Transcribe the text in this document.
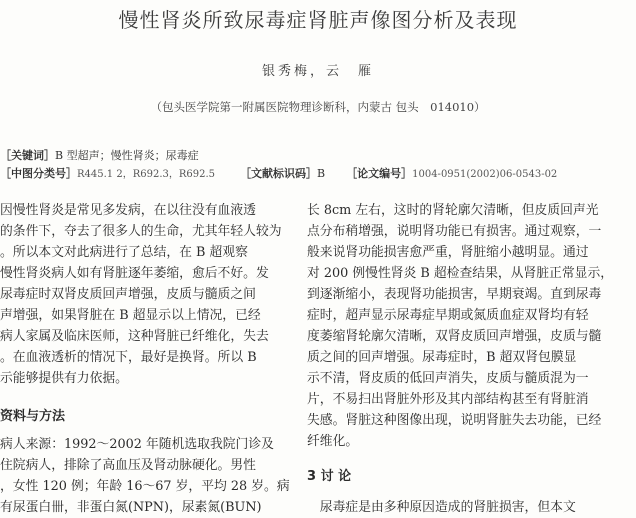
慢性肾炎所致尿毒症肾脏声像图分析及表现
银秀梅，云　雁
（包头医学院第一附属医院物理诊断科，内蒙古 包头　014010）
［关键词］B 型超声；慢性肾炎；尿毒症
［中图分类号］R445.1 2，R692.3，R692.5 ［文献标识码］B ［论文编号］1004-0951(2002)06-0543-02

因慢性肾炎是常见多发病，在以往没有血液透

的条件下，夺去了很多人的生命，尤其年轻人较为

。所以本文对此病进行了总结，在 B 超观察

慢性肾炎病人如有肾脏逐年萎缩，愈后不好。发

尿毒症时双肾皮质回声增强，皮质与髓质之间

声增强，如果肾脏在 B 超显示以上情况，已经

病人家属及临床医师，这种肾脏已纤维化，失去

。在血液透析的情况下，最好是换肾。所以 B

示能够提供有力依据。

资料与方法

病人来源：1992～2002 年随机选取我院门诊及

住院病人，排除了高血压及肾动脉硬化。男性

，女性 120 例；年龄 16～67 岁，平均 28 岁。病

有尿蛋白卌，非蛋白氮(NPN)，尿素氮(BUN)

长 8cm 左右，这时的肾轮廓欠清晰，但皮质回声光

点分布稍增强，说明肾功能已有损害。通过观察，一

般来说肾功能损害愈严重，肾脏缩小越明显。通过

对 200 例慢性肾炎 B 超检查结果，从肾脏正常显示，

到逐渐缩小，表现肾功能损害，早期衰竭。直到尿毒

症时，超声显示尿毒症早期或氮质血症双肾均有轻

度萎缩肾轮廓欠清晰，双肾皮质回声增强，皮质与髓

质之间的回声增强。尿毒症时，B 超双肾包膜显

示不清，肾皮质的低回声消失，皮质与髓质混为一

片，不易扫出肾脏外形及其内部结构甚至有肾脏消

失感。肾脏这种图像出现，说明肾脏失去功能，已经

纤维化。

3 讨 论

　尿毒症是由多种原因造成的肾脏损害，但本文
